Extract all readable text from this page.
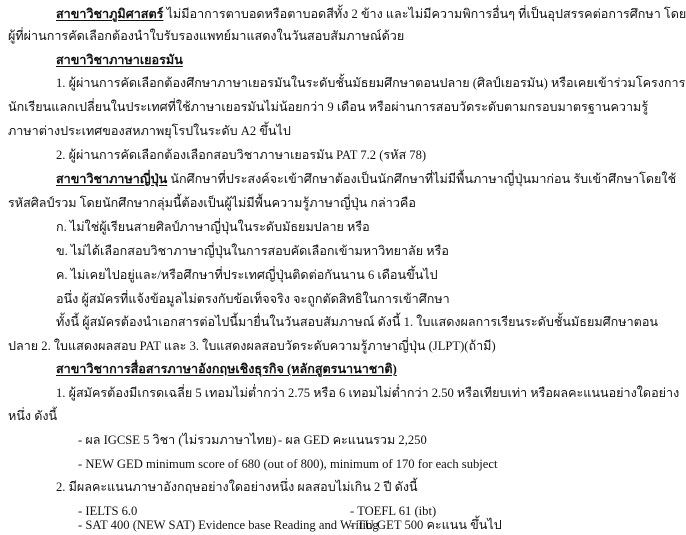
สาขาวิชาภูมิศาสตร์ ไม่มีอาการตาบอดหรือตาบอดสีทั้ง 2 ข้าง และไม่มีความพิการอื่นๆ ที่เป็นอุปสรรคต่อการศึกษา โดย
ผู้ที่ผ่านการคัดเลือกต้องนำใบรับรองแพทย์มาแสดงในวันสอบสัมภาษณ์ด้วย
สาขาวิชาภาษาเยอรมัน
1. ผู้ผ่านการคัดเลือกต้องศึกษาภาษาเยอรมันในระดับชั้นมัธยมศึกษาตอนปลาย (ศิลป์เยอรมัน) หรือเคยเข้าร่วมโครงการ
นักเรียนแลกเปลี่ยนในประเทศที่ใช้ภาษาเยอรมันไม่น้อยกว่า 9 เดือน หรือผ่านการสอบวัดระดับตามกรอบมาตรฐานความรู้
ภาษาต่างประเทศของสหภาพยุโรปในระดับ A2 ขึ้นไป
2. ผู้ผ่านการคัดเลือกต้องเลือกสอบวิชาภาษาเยอรมัน PAT 7.2 (รหัส 78)
สาขาวิชาภาษาญี่ปุ่น นักศึกษาที่ประสงค์จะเข้าศึกษาต้องเป็นนักศึกษาที่ไม่มีพื้นภาษาญี่ปุ่นมาก่อน รับเข้าศึกษาโดยใช้
รหัสศิลป์รวม โดยนักศึกษากลุ่มนี้ต้องเป็นผู้ไม่มีพื้นความรู้ภาษาญี่ปุ่น กล่าวคือ
ก. ไม่ใช่ผู้เรียนสายศิลป์ภาษาญี่ปุ่นในระดับมัธยมปลาย หรือ
ข. ไม่ได้เลือกสอบวิชาภาษาญี่ปุ่นในการสอบคัดเลือกเข้ามหาวิทยาลัย หรือ
ค. ไม่เคยไปอยู่และ/หรือศึกษาที่ประเทศญี่ปุ่นติดต่อกันนาน 6 เดือนขึ้นไป
อนึ่ง ผู้สมัครที่แจ้งข้อมูลไม่ตรงกับข้อเท็จจริง จะถูกตัดสิทธิในการเข้าศึกษา
ทั้งนี้ ผู้สมัครต้องนำเอกสารต่อไปนี้มายื่นในวันสอบสัมภาษณ์ ดังนี้ 1. ใบแสดงผลการเรียนระดับชั้นมัธยมศึกษาตอน
ปลาย 2. ใบแสดงผลสอบ PAT และ 3. ใบแสดงผลสอบวัดระดับความรู้ภาษาญี่ปุ่น (JLPT)(ถ้ามี)
สาขาวิชาการสื่อสารภาษาอังกฤษเชิงธุรกิจ (หลักสูตรนานาชาติ)
1. ผู้สมัครต้องมีเกรดเฉลี่ย 5 เทอมไม่ต่ำกว่า 2.75 หรือ 6 เทอมไม่ต่ำกว่า 2.50 หรือเทียบเท่า หรือผลคะแนนอย่างใดอย่าง
หนึ่ง ดังนี้
- ผล IGCSE 5 วิชา (ไม่รวมภาษาไทย) - ผล GED คะแนนรวม 2,250
- NEW GED minimum score of 680 (out of 800), minimum of 170 for each subject
2. มีผลคะแนนภาษาอังกฤษอย่างใดอย่างหนึ่ง ผลสอบไม่เกิน 2 ปี ดังนี้
- IELTS 6.0	- TOEFL 61 (ibt)
- SAT 400 (NEW SAT) Evidence base Reading and Writing
- TU GET 500 คะแนน ขึ้นไป
